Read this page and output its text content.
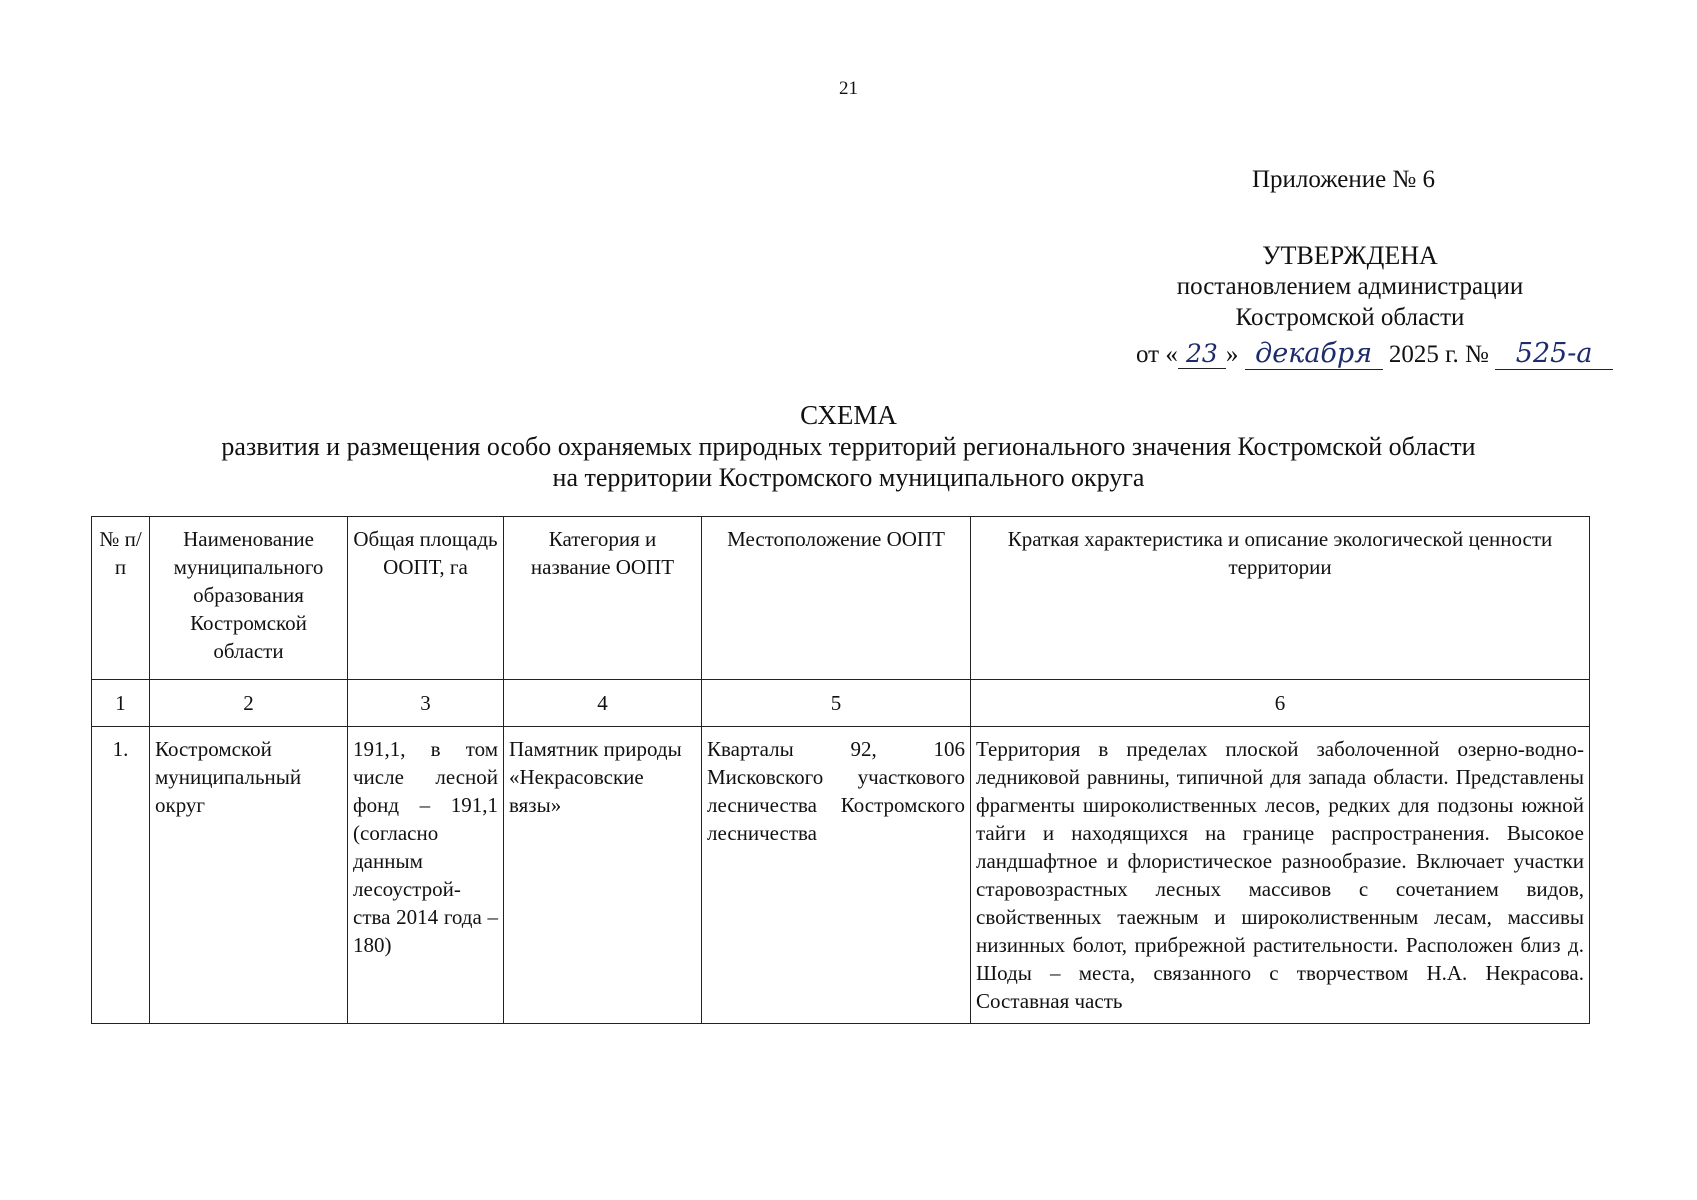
21
Приложение № 6
УТВЕРЖДЕНА
постановлением администрации
Костромской области
от « 23 » декабря 2025 г. № 525-а
СХЕМА
развития и размещения особо охраняемых природных территорий регионального значения Костромской области
на территории Костромского муниципального округа
№ п/п	Наименование муниципального образования Костромской области	Общая площадь ООПТ, га	Категория и название ООПТ	Местоположение ООПТ	Краткая характеристика и описание экологической ценности территории
1	2	3	4	5	6
1.	Костромской муниципальный округ	191,1, в том числе лесной фонд – 191,1 (согласно данным лесоустрой-ства 2014 года – 180)	Памятник природы «Некрасовские вязы»	Кварталы 92, 106 Мисковского участкового лесничества Костромского лесничества	Территория в пределах плоской заболоченной озерно-водно-ледниковой равнины, типичной для запада области. Представлены фрагменты широколиственных лесов, редких для подзоны южной тайги и находящихся на границе распространения. Высокое ландшафтное и флористическое разнообразие. Включает участки старовозрастных лесных массивов с сочетанием видов, свойственных таежным и широколиственным лесам, массивы низинных болот, прибрежной растительности. Расположен близ д. Шоды – места, связанного с творчеством Н.А. Некрасова. Составная часть
